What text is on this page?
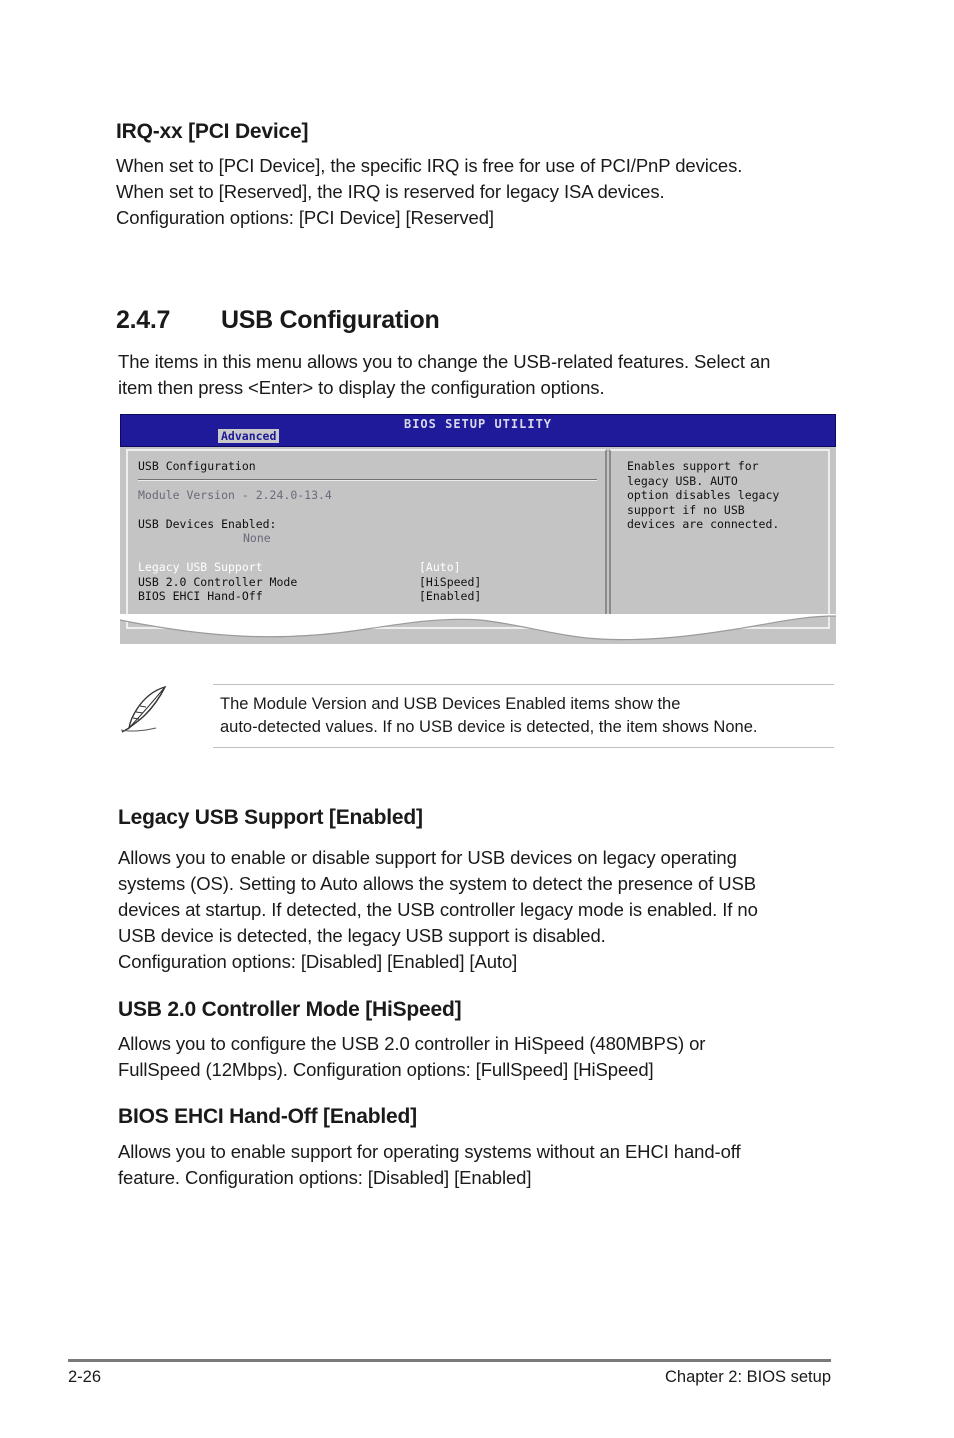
IRQ-xx [PCI Device]
When set to [PCI Device], the specific IRQ is free for use of PCI/PnP devices.
When set to [Reserved], the IRQ is reserved for legacy ISA devices.
Configuration options: [PCI Device] [Reserved]
2.4.7 USB Configuration
The items in this menu allows you to change the USB-related features. Select an
item then press <Enter> to display the configuration options.
BIOS SETUP UTILITY
Advanced
USB Configuration
Module Version - 2.24.0-13.4
USB Devices Enabled:
None
Legacy USB Support	[Auto]
USB 2.0 Controller Mode	[HiSpeed]
BIOS EHCI Hand-Off	[Enabled]
Enables support for
legacy USB. AUTO
option disables legacy
support if no USB
devices are connected.
The Module Version and USB Devices Enabled items show the
auto-detected values. If no USB device is detected, the item shows None.
Legacy USB Support [Enabled]
Allows you to enable or disable support for USB devices on legacy operating
systems (OS). Setting to Auto allows the system to detect the presence of USB
devices at startup. If detected, the USB controller legacy mode is enabled. If no
USB device is detected, the legacy USB support is disabled.
Configuration options: [Disabled] [Enabled] [Auto]
USB 2.0 Controller Mode [HiSpeed]
Allows you to configure the USB 2.0 controller in HiSpeed (480MBPS) or
FullSpeed (12Mbps). Configuration options: [FullSpeed] [HiSpeed]
BIOS EHCI Hand-Off [Enabled]
Allows you to enable support for operating systems without an EHCI hand-off
feature. Configuration options: [Disabled] [Enabled]
2-26	Chapter 2: BIOS setup
